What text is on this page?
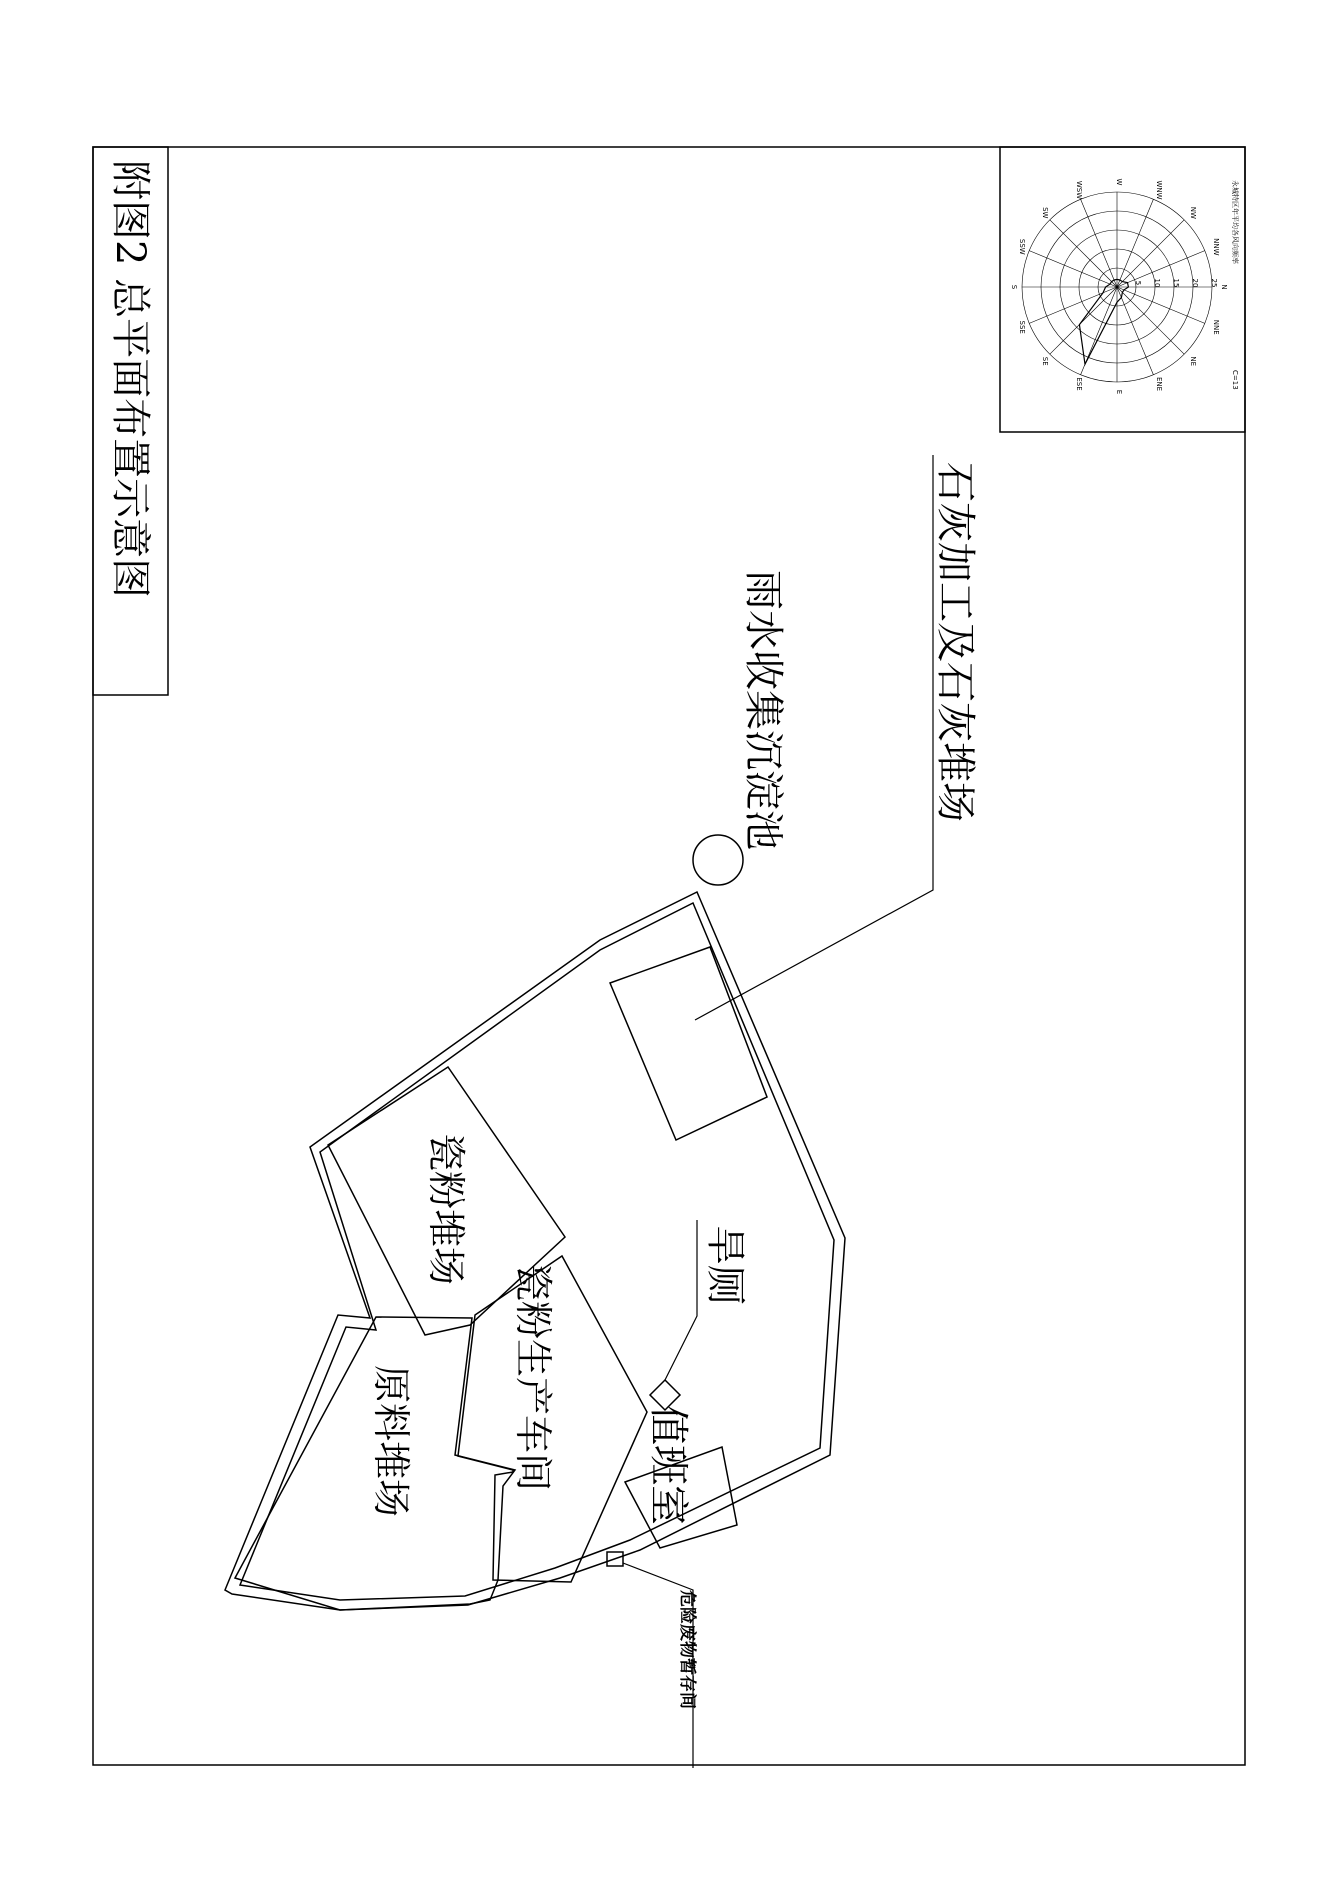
附图2 总平面布置示意图	永城特区年平均各风向频率
C=13
N
NNE
NE
ENE
E
ESE
SE
SSE
S
SSW
SW
WSW	W	WNW
NW
NNW
5 10 15 20 25
石灰加工及石灰堆场
雨水收集沉淀池
旱厕
瓷粉堆场
瓷粉生产车间
原料堆场	值班室
危险废物暂存间
